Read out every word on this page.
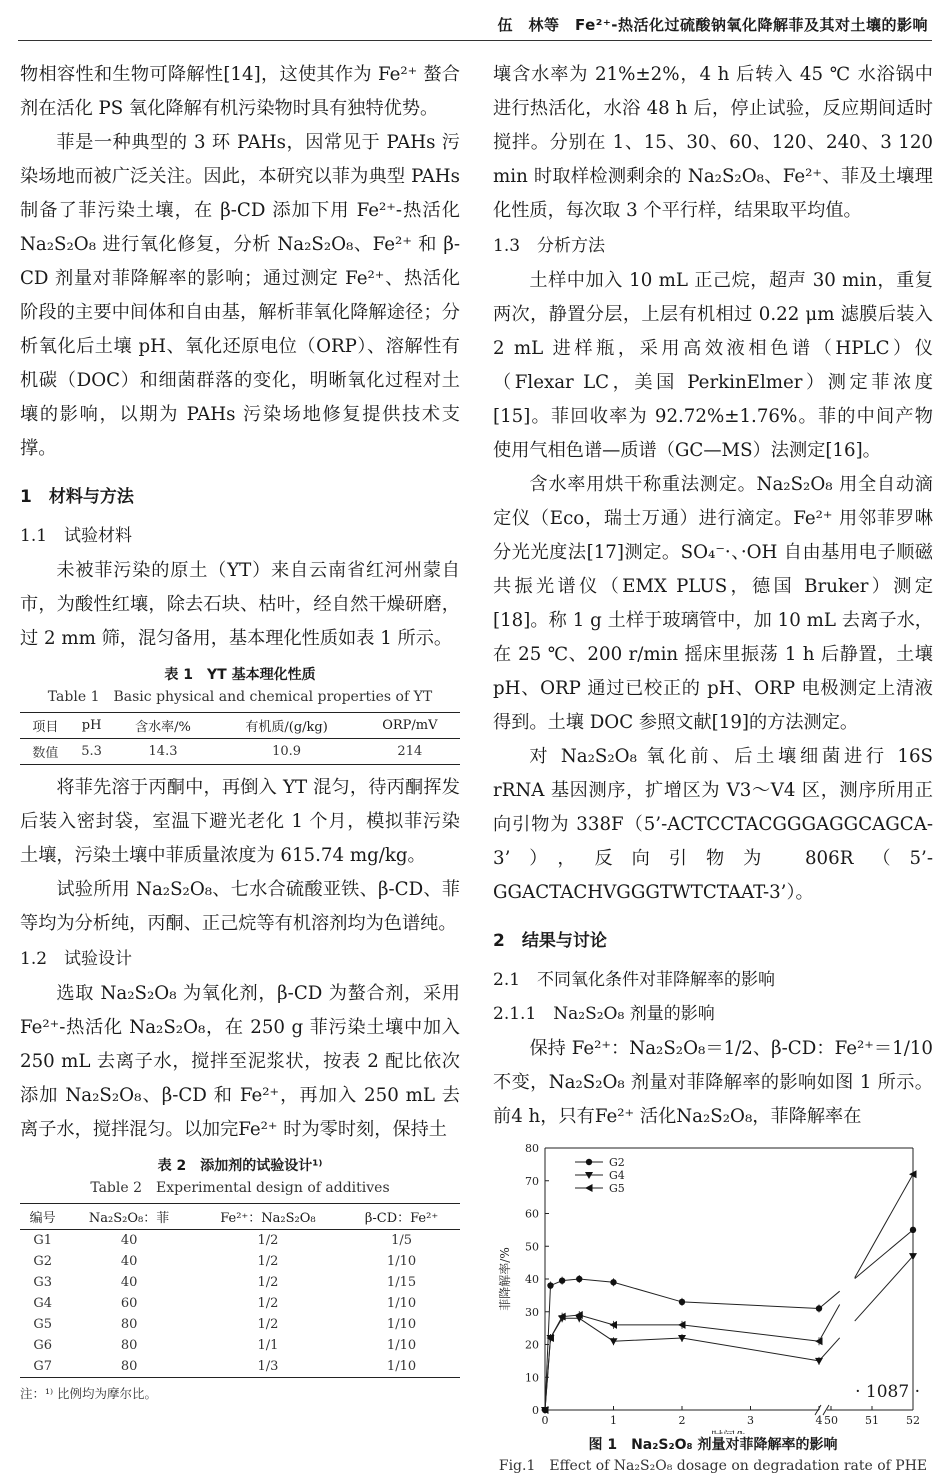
伍　林等　Fe²⁺-热活化过硫酸钠氧化降解菲及其对土壤的影响

物相容性和生物可降解性[14]，这使其作为 Fe²⁺ 螯合剂在活化 PS 氧化降解有机污染物时具有独特优势。

菲是一种典型的 3 环 PAHs，因常见于 PAHs 污染场地而被广泛关注。因此，本研究以菲为典型 PAHs 制备了菲污染土壤，在 β-CD 添加下用 Fe²⁺-热活化 Na₂S₂O₈ 进行氧化修复，分析 Na₂S₂O₈、Fe²⁺ 和 β-CD 剂量对菲降解率的影响；通过测定 Fe²⁺、热活化阶段的主要中间体和自由基，解析菲氧化降解途径；分析氧化后土壤 pH、氧化还原电位（ORP）、溶解性有机碳（DOC）和细菌群落的变化，明晰氧化过程对土壤的影响，以期为 PAHs 污染场地修复提供技术支撑。

1　材料与方法
1.1　试验材料

未被菲污染的原土（YT）来自云南省红河州蒙自市，为酸性红壤，除去石块、枯叶，经自然干燥研磨，过 2 mm 筛，混匀备用，基本理化性质如表 1 所示。

表 1　YT 基本理化性质
Table 1　Basic physical and chemical properties of YT
项目	pH	含水率/%	有机质/(g/kg)	ORP/mV
数值	5.3	14.3	10.9	214

将菲先溶于丙酮中，再倒入 YT 混匀，待丙酮挥发后装入密封袋，室温下避光老化 1 个月，模拟菲污染土壤，污染土壤中菲质量浓度为 615.74 mg/kg。

试验所用 Na₂S₂O₈、七水合硫酸亚铁、β-CD、菲等均为分析纯，丙酮、正己烷等有机溶剂均为色谱纯。

1.2　试验设计

选取 Na₂S₂O₈ 为氧化剂，β-CD 为螯合剂，采用 Fe²⁺-热活化 Na₂S₂O₈，在 250 g 菲污染土壤中加入 250 mL 去离子水，搅拌至泥浆状，按表 2 配比依次添加 Na₂S₂O₈、β-CD 和 Fe²⁺，再加入 250 mL 去离子水，搅拌混匀。以加完Fe²⁺ 时为零时刻，保持土

表 2　添加剂的试验设计¹⁾
Table 2　Experimental design of additives
编号	Na₂S₂O₈：菲	Fe²⁺：Na₂S₂O₈	β-CD：Fe²⁺
G1	40	1/2	1/5
G2	40	1/2	1/10
G3	40	1/2	1/15
G4	60	1/2	1/10
G5	80	1/2	1/10
G6	80	1/1	1/10
G7	80	1/3	1/10
注：¹⁾ 比例均为摩尔比。

壤含水率为 21%±2%，4 h 后转入 45 ℃ 水浴锅中进行热活化，水浴 48 h 后，停止试验，反应期间适时搅拌。分别在 1、15、30、60、120、240、3 120 min 时取样检测剩余的 Na₂S₂O₈、Fe²⁺、菲及土壤理化性质，每次取 3 个平行样，结果取平均值。

1.3　分析方法

土样中加入 10 mL 正己烷，超声 30 min，重复两次，静置分层，上层有机相过 0.22 μm 滤膜后装入 2 mL 进样瓶，采用高效液相色谱（HPLC）仪（Flexar LC，美国 PerkinElmer）测定菲浓度[15]。菲回收率为 92.72%±1.76%。菲的中间产物使用气相色谱—质谱（GC—MS）法测定[16]。

含水率用烘干称重法测定。Na₂S₂O₈ 用全自动滴定仪（Eco，瑞士万通）进行滴定。Fe²⁺ 用邻菲罗啉分光光度法[17]测定。SO₄⁻·、·OH 自由基用电子顺磁共振光谱仪（EMX PLUS，德国 Bruker）测定[18]。称 1 g 土样于玻璃管中，加 10 mL 去离子水，在 25 ℃、200 r/min 摇床里振荡 1 h 后静置，土壤 pH、ORP 通过已校正的 pH、ORP 电极测定上清液得到。土壤 DOC 参照文献[19]的方法测定。

对 Na₂S₂O₈ 氧化前、后土壤细菌进行 16S rRNA 基因测序，扩增区为 V3～V4 区，测序所用正向引物为 338F（5’-ACTCCTACGGGAGGCAGCA-3’），反向引物为 806R（5’-GGACTACHVGGGTWTCTAAT-3’）。

2　结果与讨论
2.1　不同氧化条件对菲降解率的影响
2.1.1　Na₂S₂O₈ 剂量的影响

保持 Fe²⁺：Na₂S₂O₈＝1/2、β-CD：Fe²⁺＝1/10不变，Na₂S₂O₈ 剂量对菲降解率的影响如图 1 所示。前4 h，只有Fe²⁺ 活化Na₂S₂O₈，菲降解率在

0
10
20
30
40
50
60
70
80
0	1	2	3	4 50 51 52
菲降解率/%
G2
G4
G5
图 1　Na₂S₂O₈ 剂量对菲降解率的影响
Fig.1　Effect of Na₂S₂O₈ dosage on degradation rate of PHE
· 1087 ·
